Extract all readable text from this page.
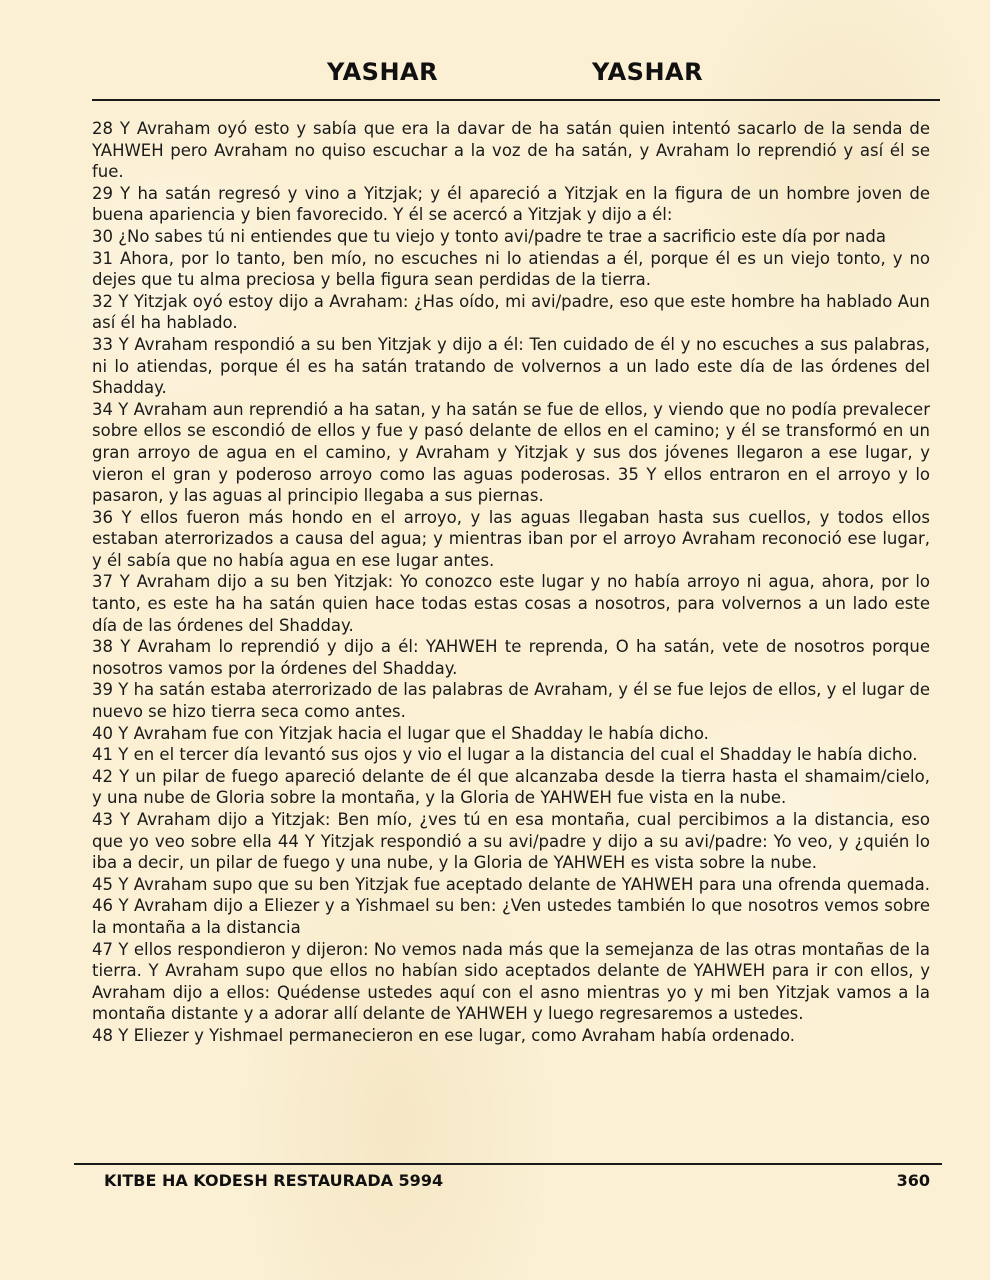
YASHAR	YASHAR

28 Y Avraham oyó esto y sabía que era la davar de ha satán quien intentó sacarlo de la senda de YAHWEH pero Avraham no quiso escuchar a la voz de ha satán, y Avraham lo reprendió y así él se fue.

29 Y ha satán regresó y vino a Yitzjak; y él apareció a Yitzjak en la figura de un hombre joven de buena apariencia y bien favorecido. Y él se acercó a Yitzjak y dijo a él:

30 ¿No sabes tú ni entiendes que tu viejo y tonto avi/padre te trae a sacrificio este día por nada

31 Ahora, por lo tanto, ben mío, no escuches ni lo atiendas a él, porque él es un viejo tonto, y no dejes que tu alma preciosa y bella figura sean perdidas de la tierra.

32 Y Yitzjak oyó estoy dijo a Avraham: ¿Has oído, mi avi/padre, eso que este hombre ha hablado Aun así él ha hablado.

33 Y Avraham respondió a su ben Yitzjak y dijo a él: Ten cuidado de él y no escuches a sus palabras, ni lo atiendas, porque él es ha satán tratando de volvernos a un lado este día de las órdenes del Shadday.

34 Y Avraham aun reprendió a ha satan, y ha satán se fue de ellos, y viendo que no podía prevalecer sobre ellos se escondió de ellos y fue y pasó delante de ellos en el camino; y él se transformó en un gran arroyo de agua en el camino, y Avraham y Yitzjak y sus dos jóvenes llegaron a ese lugar, y vieron el gran y poderoso arroyo como las aguas poderosas. 35 Y ellos entraron en el arroyo y lo pasaron, y las aguas al principio llegaba a sus piernas.

36 Y ellos fueron más hondo en el arroyo, y las aguas llegaban hasta sus cuellos, y todos ellos estaban aterrorizados a causa del agua; y mientras iban por el arroyo Avraham reconoció ese lugar, y él sabía que no había agua en ese lugar antes.

37 Y Avraham dijo a su ben Yitzjak: Yo conozco este lugar y no había arroyo ni agua, ahora, por lo tanto, es este ha ha satán quien hace todas estas cosas a nosotros, para volvernos a un lado este día de las órdenes del Shadday.

38 Y Avraham lo reprendió y dijo a él: YAHWEH te reprenda, O ha satán, vete de nosotros porque nosotros vamos por la órdenes del Shadday.

39 Y ha satán estaba aterrorizado de las palabras de Avraham, y él se fue lejos de ellos, y el lugar de nuevo se hizo tierra seca como antes.

40 Y Avraham fue con Yitzjak hacia el lugar que el Shadday le había dicho.

41 Y en el tercer día levantó sus ojos y vio el lugar a la distancia del cual el Shadday le había dicho.

42 Y un pilar de fuego apareció delante de él que alcanzaba desde la tierra hasta el shamaim/cielo, y una nube de Gloria sobre la montaña, y la Gloria de YAHWEH fue vista en la nube.

43 Y Avraham dijo a Yitzjak: Ben mío, ¿ves tú en esa montaña, cual percibimos a la distancia, eso que yo veo sobre ella 44 Y Yitzjak respondió a su avi/padre y dijo a su avi/padre: Yo veo, y ¿quién lo iba a decir, un pilar de fuego y una nube, y la Gloria de YAHWEH es vista sobre la nube.

45 Y Avraham supo que su ben Yitzjak fue aceptado delante de YAHWEH para una ofrenda quemada. 46 Y Avraham dijo a Eliezer y a Yishmael su ben: ¿Ven ustedes también lo que nosotros vemos sobre la montaña a la distancia

47 Y ellos respondieron y dijeron: No vemos nada más que la semejanza de las otras montañas de la tierra. Y Avraham supo que ellos no habían sido aceptados delante de YAHWEH para ir con ellos, y Avraham dijo a ellos: Quédense ustedes aquí con el asno mientras yo y mi ben Yitzjak vamos a la montaña distante y a adorar allí delante de YAHWEH y luego regresaremos a ustedes.

48 Y Eliezer y Yishmael permanecieron en ese lugar, como Avraham había ordenado.

KITBE HA KODESH RESTAURADA 5994	360
